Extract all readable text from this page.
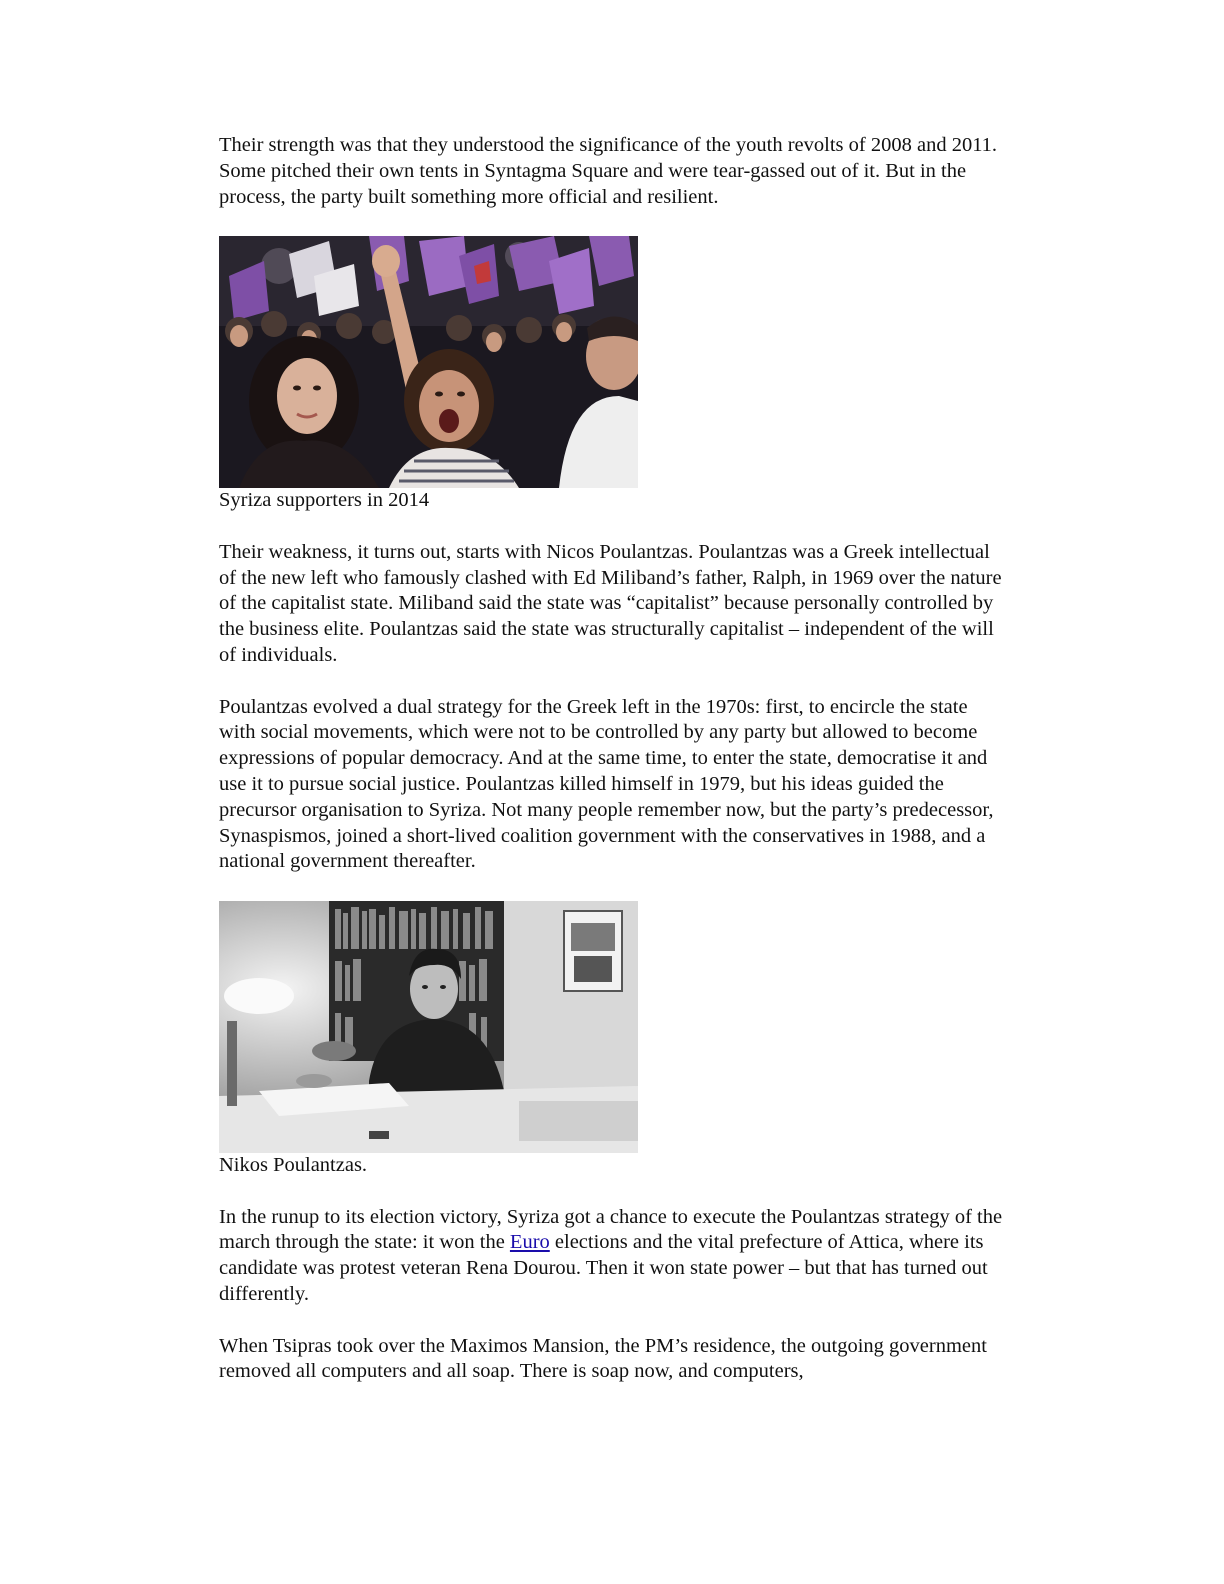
Their strength was that they understood the significance of the youth revolts of 2008 and 2011. Some pitched their own tents in Syntagma Square and were tear-gassed out of it. But in the process, the party built something more official and resilient.

Syriza supporters in 2014

Their weakness, it turns out, starts with Nicos Poulantzas. Poulantzas was a Greek intellectual of the new left who famously clashed with Ed Miliband’s father, Ralph, in 1969 over the nature of the capitalist state. Miliband said the state was “capitalist” because personally controlled by the business elite. Poulantzas said the state was structurally capitalist – independent of the will of individuals.

Poulantzas evolved a dual strategy for the Greek left in the 1970s: first, to encircle the state with social movements, which were not to be controlled by any party but allowed to become expressions of popular democracy. And at the same time, to enter the state, democratise it and use it to pursue social justice. Poulantzas killed himself in 1979, but his ideas guided the precursor organisation to Syriza. Not many people remember now, but the party’s predecessor, Synaspismos, joined a short-lived coalition government with the conservatives in 1988, and a national government thereafter.

Nikos Poulantzas.

In the runup to its election victory, Syriza got a chance to execute the Poulantzas strategy of the march through the state: it won the Euro elections and the vital prefecture of Attica, where its candidate was protest veteran Rena Dourou. Then it won state power – but that has turned out differently.

When Tsipras took over the Maximos Mansion, the PM’s residence, the outgoing government removed all computers and all soap. There is soap now, and computers,
